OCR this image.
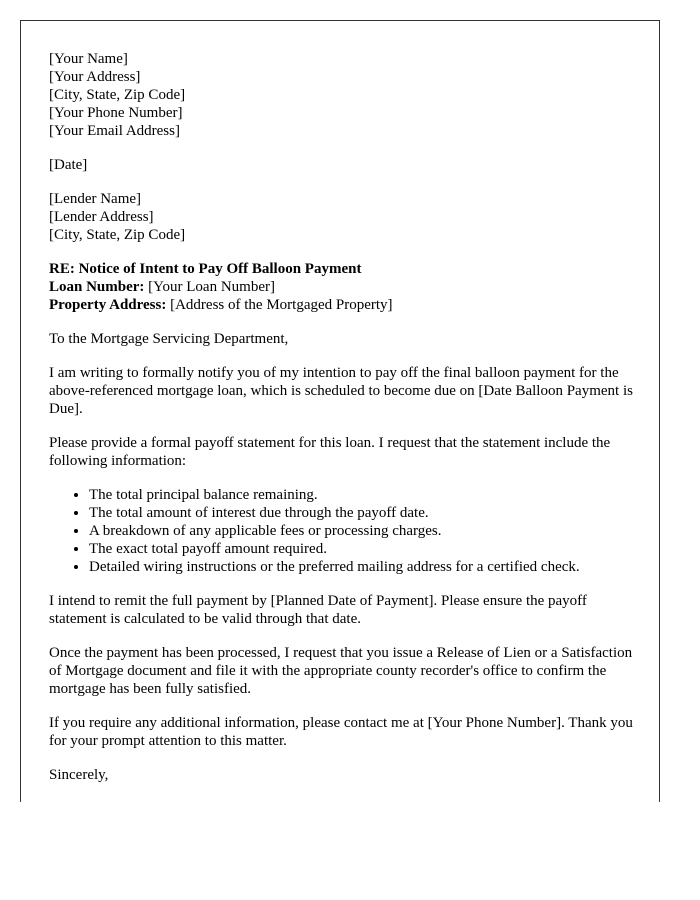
[Your Name]
[Your Address]
[City, State, Zip Code]
[Your Phone Number]
[Your Email Address]
[Date]
[Lender Name]
[Lender Address]
[City, State, Zip Code]
RE: Notice of Intent to Pay Off Balloon Payment
Loan Number: [Your Loan Number]
Property Address: [Address of the Mortgaged Property]

To the Mortgage Servicing Department,

I am writing to formally notify you of my intention to pay off the final balloon payment for the above-referenced mortgage loan, which is scheduled to become due on [Date Balloon Payment is Due].

Please provide a formal payoff statement for this loan. I request that the statement include the following information:

• The total principal balance remaining.
• The total amount of interest due through the payoff date.
• A breakdown of any applicable fees or processing charges.
• The exact total payoff amount required.
• Detailed wiring instructions or the preferred mailing address for a certified check.

I intend to remit the full payment by [Planned Date of Payment]. Please ensure the payoff statement is calculated to be valid through that date.

Once the payment has been processed, I request that you issue a Release of Lien or a Satisfaction of Mortgage document and file it with the appropriate county recorder's office to confirm the mortgage has been fully satisfied.

If you require any additional information, please contact me at [Your Phone Number]. Thank you for your prompt attention to this matter.

Sincerely,
